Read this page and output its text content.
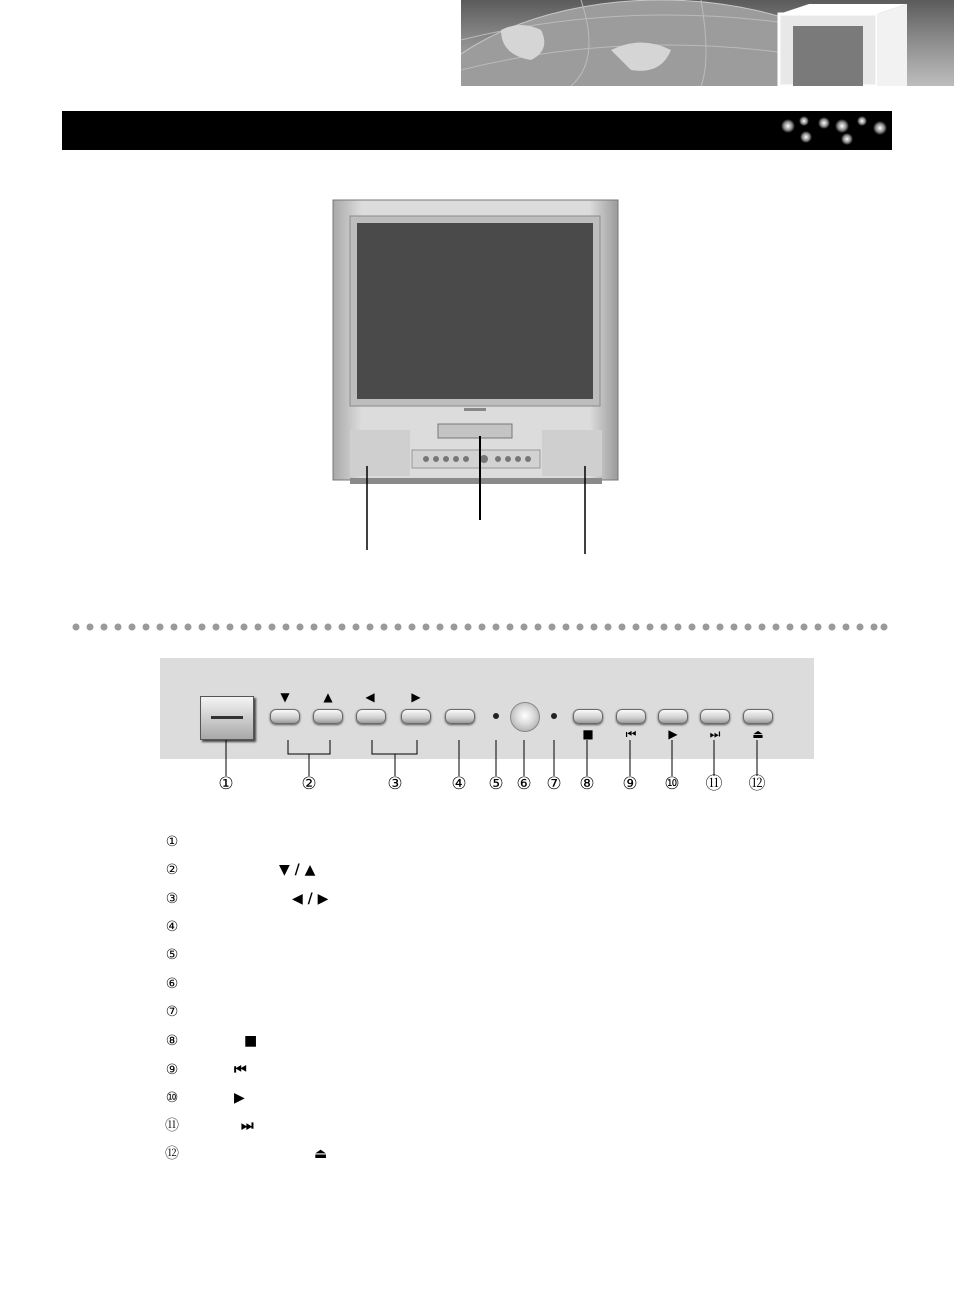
▼	▲	◀	▶
■	⏮	▶	⏭	⏏
①	②	③	④	⑤ ⑥ ⑦	⑧	⑨	⑩	⑪ ⑫
①
②	▼ / ▲
③	◀ / ▶
④
⑤
⑥
⑦
⑧	■
⑨	⏮
⑩	▶
⑪	⏭
⑫	⏏
